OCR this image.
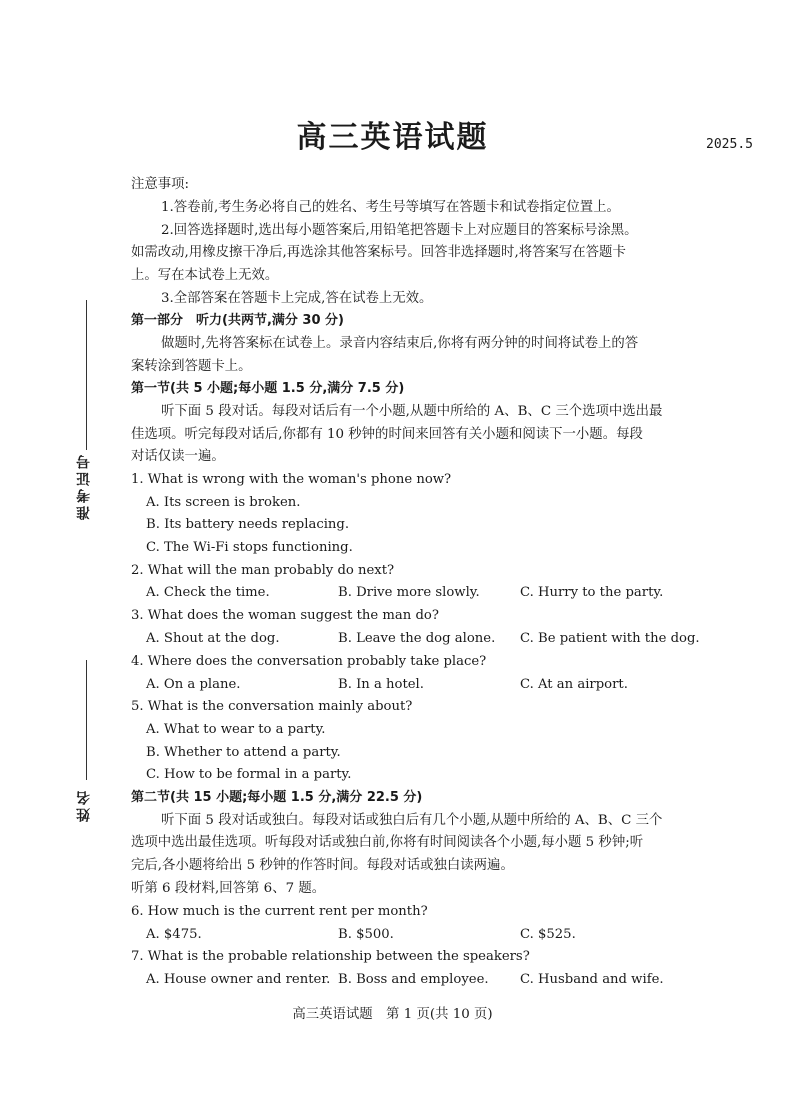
高三英语试题	2025.5
准考证号
姓名
注意事项:
1.答卷前,考生务必将自己的姓名、考生号等填写在答题卡和试卷指定位置上。
2.回答选择题时,选出每小题答案后,用铅笔把答题卡上对应题目的答案标号涂黑。
如需改动,用橡皮擦干净后,再选涂其他答案标号。回答非选择题时,将答案写在答题卡
上。写在本试卷上无效。
3.全部答案在答题卡上完成,答在试卷上无效。
第一部分　听力(共两节,满分 30 分)
做题时,先将答案标在试卷上。录音内容结束后,你将有两分钟的时间将试卷上的答
案转涂到答题卡上。
第一节(共 5 小题;每小题 1.5 分,满分 7.5 分)
听下面 5 段对话。每段对话后有一个小题,从题中所给的 A、B、C 三个选项中选出最
佳选项。听完每段对话后,你都有 10 秒钟的时间来回答有关小题和阅读下一小题。每段
对话仅读一遍。
1. What is wrong with the woman's phone now?
A. Its screen is broken.
B. Its battery needs replacing.
C. The Wi-Fi stops functioning.
2. What will the man probably do next?
A. Check the time.	B. Drive more slowly.	C. Hurry to the party.
3. What does the woman suggest the man do?
A. Shout at the dog.	B. Leave the dog alone.	C. Be patient with the dog.
4. Where does the conversation probably take place?
A. On a plane.	B. In a hotel.	C. At an airport.
5. What is the conversation mainly about?
A. What to wear to a party.
B. Whether to attend a party.
C. How to be formal in a party.
第二节(共 15 小题;每小题 1.5 分,满分 22.5 分)
听下面 5 段对话或独白。每段对话或独白后有几个小题,从题中所给的 A、B、C 三个
选项中选出最佳选项。听每段对话或独白前,你将有时间阅读各个小题,每小题 5 秒钟;听
完后,各小题将给出 5 秒钟的作答时间。每段对话或独白读两遍。
听第 6 段材料,回答第 6、7 题。
6. How much is the current rent per month?
A. $475.	B. $500.	C. $525.
7. What is the probable relationship between the speakers?
A. House owner and renter. B. Boss and employee.	C. Husband and wife.
高三英语试题　第 1 页(共 10 页)
